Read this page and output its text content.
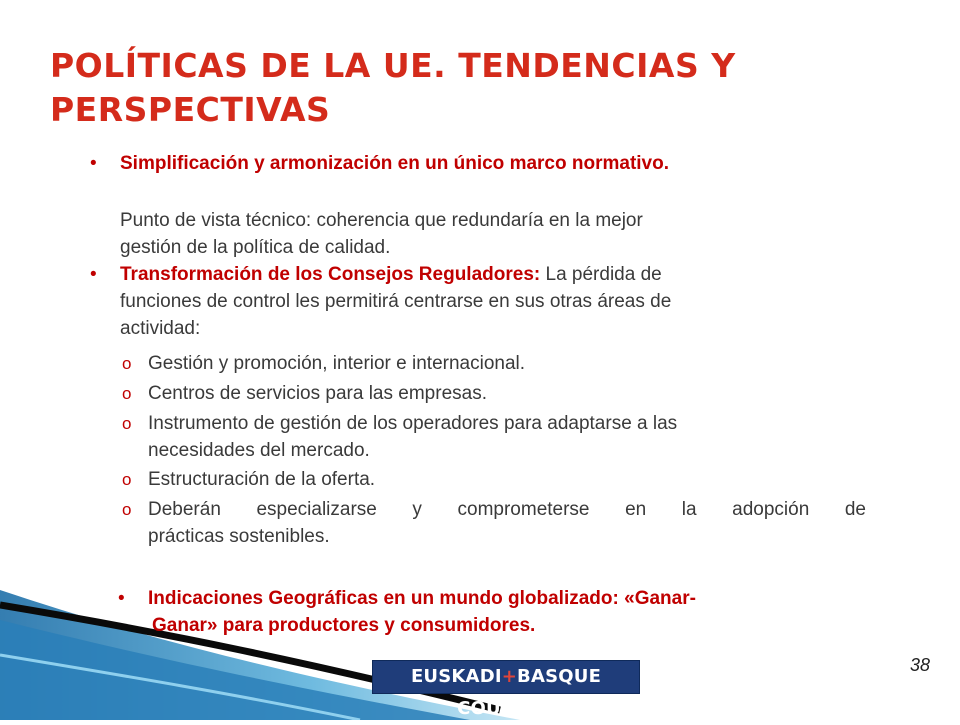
POLÍTICAS DE LA UE. TENDENCIAS Y PERSPECTIVAS
• Simplificación y armonización en un único marco normativo.
Punto de vista técnico: coherencia que redundaría en la mejor
gestión de la política de calidad.
• Transformación de los Consejos Reguladores: La pérdida de
funciones de control les permitirá centrarse en sus otras áreas de
actividad:
o Gestión y promoción, interior e internacional.
o Centros de servicios para las empresas.
o Instrumento de gestión de los operadores para adaptarse a las
necesidades del mercado.
o Estructuración de la oferta.
o Deberán especializarse y comprometerse en la adopción de
prácticas sostenibles.
• Indicaciones Geográficas en un mundo globalizado: «Ganar-
Ganar» para productores y consumidores.
38
EUSKADI+BASQUE COUNTRY
